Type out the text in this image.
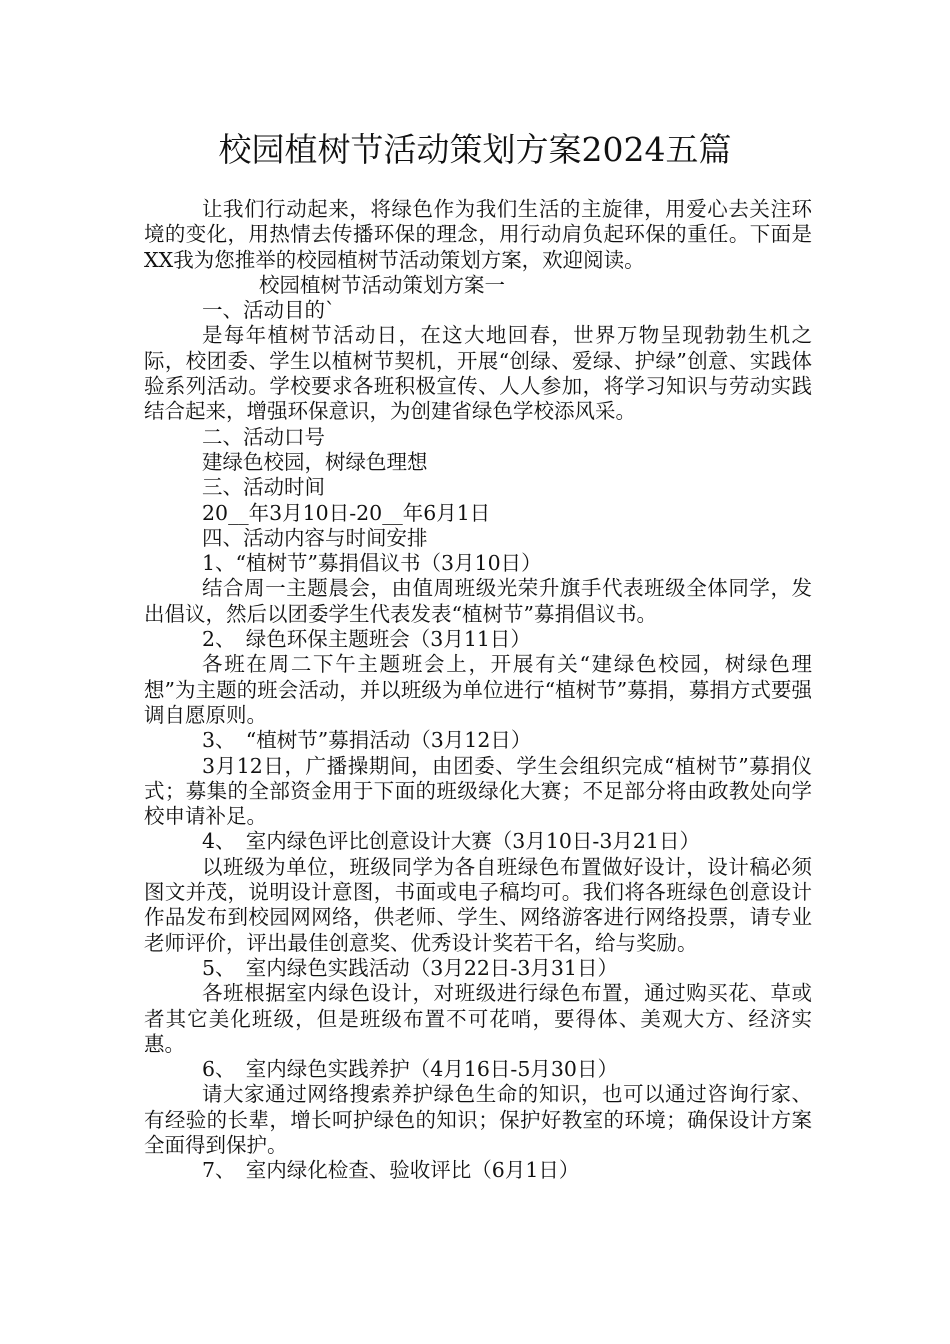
校园植树节活动策划方案2024五篇

让我们行动起来，将绿色作为我们生活的主旋律，用爱心去关注环境的变化，用热情去传播环保的理念，用行动肩负起环保的重任。下面是XX我为您推举的校园植树节活动策划方案，欢迎阅读。

校园植树节活动策划方案一

一、活动目的`

是每年植树节活动日，在这大地回春，世界万物呈现勃勃生机之际，校团委、学生以植树节契机，开展“创绿、爱绿、护绿”创意、实践体验系列活动。学校要求各班积极宣传、人人参加，将学习知识与劳动实践结合起来，增强环保意识，为创建省绿色学校添风采。

二、活动口号

建绿色校园，树绿色理想

三、活动时间

20__年3月10日-20__年6月1日

四、活动内容与时间安排

1、“植树节”募捐倡议书（3月10日）

结合周一主题晨会，由值周班级光荣升旗手代表班级全体同学，发出倡议，然后以团委学生代表发表“植树节”募捐倡议书。

2、　绿色环保主题班会（3月11日）

各班在周二下午主题班会上，开展有关“建绿色校园，树绿色理想”为主题的班会活动，并以班级为单位进行“植树节”募捐，募捐方式要强调自愿原则。

3、　“植树节”募捐活动（3月12日）

3月12日，广播操期间，由团委、学生会组织完成“植树节”募捐仪式；募集的全部资金用于下面的班级绿化大赛；不足部分将由政教处向学校申请补足。

4、　室内绿色评比创意设计大赛（3月10日-3月21日）

以班级为单位，班级同学为各自班绿色布置做好设计，设计稿必须图文并茂，说明设计意图，书面或电子稿均可。我们将各班绿色创意设计作品发布到校园网网络，供老师、学生、网络游客进行网络投票，请专业老师评价，评出最佳创意奖、优秀设计奖若干名，给与奖励。

5、　室内绿色实践活动（3月22日-3月31日）

各班根据室内绿色设计，对班级进行绿色布置，通过购买花、草或者其它美化班级，但是班级布置不可花哨，要得体、美观大方、经济实惠。

6、　室内绿色实践养护（4月16日-5月30日）

请大家通过网络搜索养护绿色生命的知识，也可以通过咨询行家、有经验的长辈，增长呵护绿色的知识；保护好教室的环境；确保设计方案全面得到保护。

7、　室内绿化检查、验收评比（6月1日）
